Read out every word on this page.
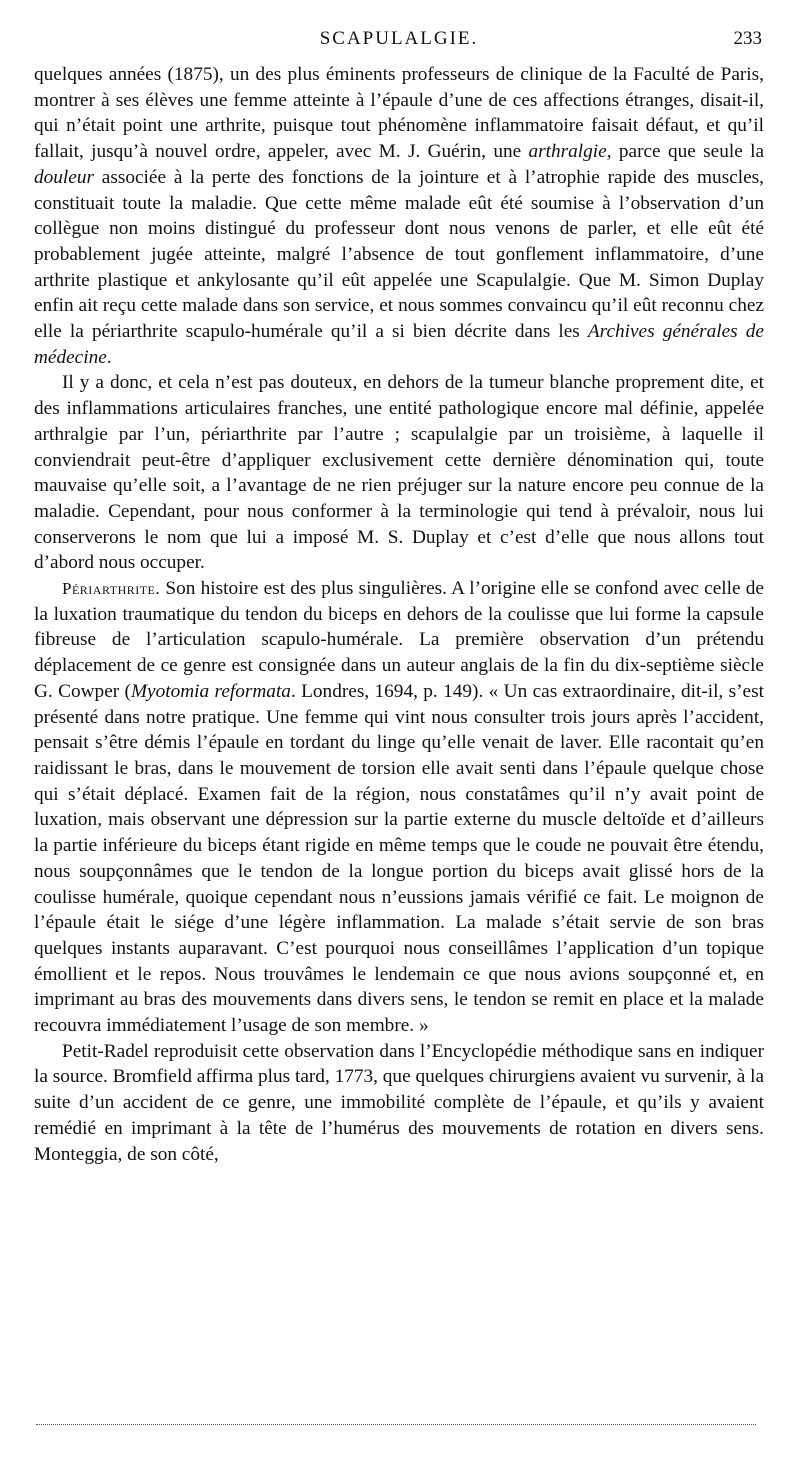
SCAPULALGIE.	233

quelques années (1875), un des plus éminents professeurs de clinique de la Faculté de Paris, montrer à ses élèves une femme atteinte à l’épaule d’une de ces affections étranges, disait-il, qui n’était point une arthrite, puisque tout phénomène inflammatoire faisait défaut, et qu’il fallait, jusqu’à nouvel ordre, appeler, avec M. J. Guérin, une arthralgie, parce que seule la douleur associée à la perte des fonctions de la jointure et à l’atrophie rapide des muscles, constituait toute la maladie. Que cette même malade eût été soumise à l’observation d’un collègue non moins distingué du professeur dont nous venons de parler, et elle eût été probablement jugée atteinte, malgré l’absence de tout gonflement inflammatoire, d’une arthrite plastique et ankylosante qu’il eût appelée une Scapulalgie. Que M. Simon Duplay enfin ait reçu cette malade dans son service, et nous sommes convaincu qu’il eût reconnu chez elle la périarthrite scapulo-humérale qu’il a si bien décrite dans les Archives générales de médecine.

Il y a donc, et cela n’est pas douteux, en dehors de la tumeur blanche proprement dite, et des inflammations articulaires franches, une entité pathologique encore mal définie, appelée arthralgie par l’un, périarthrite par l’autre ; scapulalgie par un troisième, à laquelle il conviendrait peut-être d’appliquer exclusivement cette dernière dénomination qui, toute mauvaise qu’elle soit, a l’avantage de ne rien préjuger sur la nature encore peu connue de la maladie. Cependant, pour nous conformer à la terminologie qui tend à prévaloir, nous lui conserverons le nom que lui a imposé M. S. Duplay et c’est d’elle que nous allons tout d’abord nous occuper.

Périarthrite. Son histoire est des plus singulières. A l’origine elle se confond avec celle de la luxation traumatique du tendon du biceps en dehors de la coulisse que lui forme la capsule fibreuse de l’articulation scapulo-humérale. La première observation d’un prétendu déplacement de ce genre est consignée dans un auteur anglais de la fin du dix-septième siècle G. Cowper (Myotomia reformata. Londres, 1694, p. 149). « Un cas extraordinaire, dit-il, s’est présenté dans notre pratique. Une femme qui vint nous consulter trois jours après l’accident, pensait s’être démis l’épaule en tordant du linge qu’elle venait de laver. Elle racontait qu’en raidissant le bras, dans le mouvement de torsion elle avait senti dans l’épaule quelque chose qui s’était déplacé. Examen fait de la région, nous constatâmes qu’il n’y avait point de luxation, mais observant une dépression sur la partie externe du muscle deltoïde et d’ailleurs la partie inférieure du biceps étant rigide en même temps que le coude ne pouvait être étendu, nous soupçonnâmes que le tendon de la longue portion du biceps avait glissé hors de la coulisse humérale, quoique cependant nous n’eussions jamais vérifié ce fait. Le moignon de l’épaule était le siége d’une légère inflammation. La malade s’était servie de son bras quelques instants auparavant. C’est pourquoi nous conseillâmes l’application d’un topique émollient et le repos. Nous trouvâmes le lendemain ce que nous avions soupçonné et, en imprimant au bras des mouvements dans divers sens, le tendon se remit en place et la malade recouvra immédiatement l’usage de son membre. »

Petit-Radel reproduisit cette observation dans l’Encyclopédie méthodique sans en indiquer la source. Bromfield affirma plus tard, 1773, que quelques chirurgiens avaient vu survenir, à la suite d’un accident de ce genre, une immobilité complète de l’épaule, et qu’ils y avaient remédié en imprimant à la tête de l’humérus des mouvements de rotation en divers sens. Monteggia, de son côté,
